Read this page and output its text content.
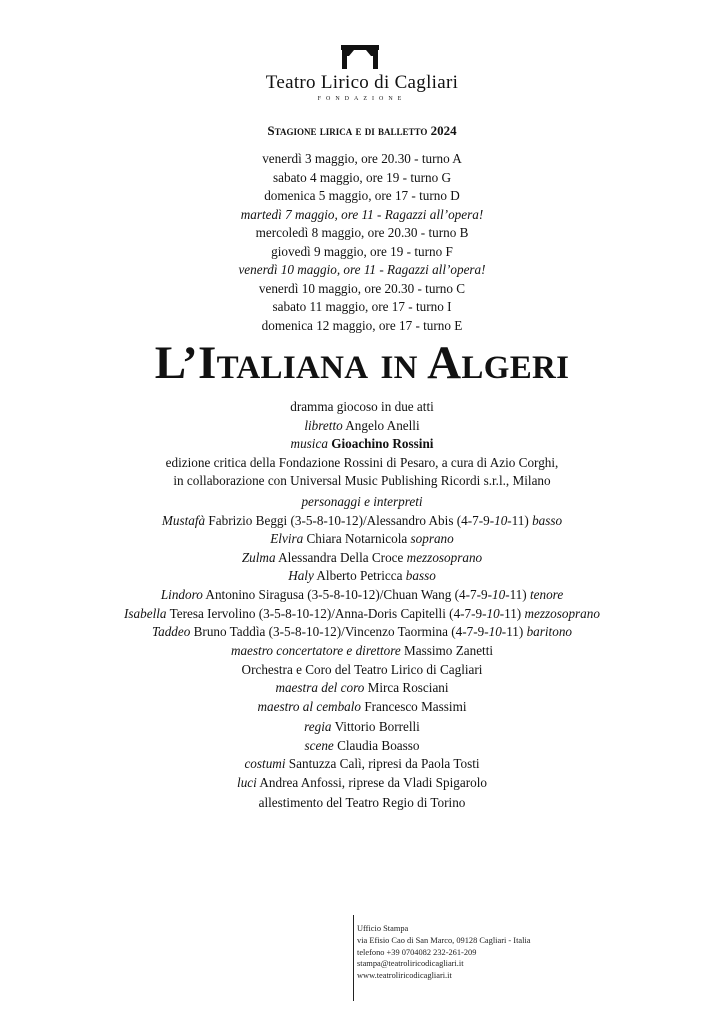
Teatro Lirico di Cagliari
FONDAZIONE
Stagione lirica e di balletto 2024
venerdì 3 maggio, ore 20.30 - turno A
sabato 4 maggio, ore 19 - turno G
domenica 5 maggio, ore 17 - turno D
martedì 7 maggio, ore 11 - Ragazzi all’opera!
mercoledì 8 maggio, ore 20.30 - turno B
giovedì 9 maggio, ore 19 - turno F
venerdì 10 maggio, ore 11 - Ragazzi all’opera!
venerdì 10 maggio, ore 20.30 - turno C
sabato 11 maggio, ore 17 - turno I
domenica 12 maggio, ore 17 - turno E
L’Italiana in Algeri
dramma giocoso in due atti
libretto Angelo Anelli
musica Gioachino Rossini
edizione critica della Fondazione Rossini di Pesaro, a cura di Azio Corghi,
in collaborazione con Universal Music Publishing Ricordi s.r.l., Milano
personaggi e interpreti
Mustafà Fabrizio Beggi (3-5-8-10-12)/Alessandro Abis (4-7-9-10-11) basso
Elvira Chiara Notarnicola soprano
Zulma Alessandra Della Croce mezzosoprano
Haly Alberto Petricca basso
Lindoro Antonino Siragusa (3-5-8-10-12)/Chuan Wang (4-7-9-10-11) tenore
Isabella Teresa Iervolino (3-5-8-10-12)/Anna-Doris Capitelli (4-7-9-10-11) mezzosoprano
Taddeo Bruno Taddìa (3-5-8-10-12)/Vincenzo Taormina (4-7-9-10-11) baritono
maestro concertatore e direttore Massimo Zanetti
Orchestra e Coro del Teatro Lirico di Cagliari
maestra del coro Mirca Rosciani
maestro al cembalo Francesco Massimi
regia Vittorio Borrelli
scene Claudia Boasso
costumi Santuzza Calì, ripresi da Paola Tosti
luci Andrea Anfossi, riprese da Vladi Spigarolo
allestimento del Teatro Regio di Torino
Ufficio Stampa
via Efisio Cao di San Marco, 09128 Cagliari - Italia
telefono +39 0704082 232-261-209
stampa@teatroliricodicagliari.it
www.teatroliricodicagliari.it
